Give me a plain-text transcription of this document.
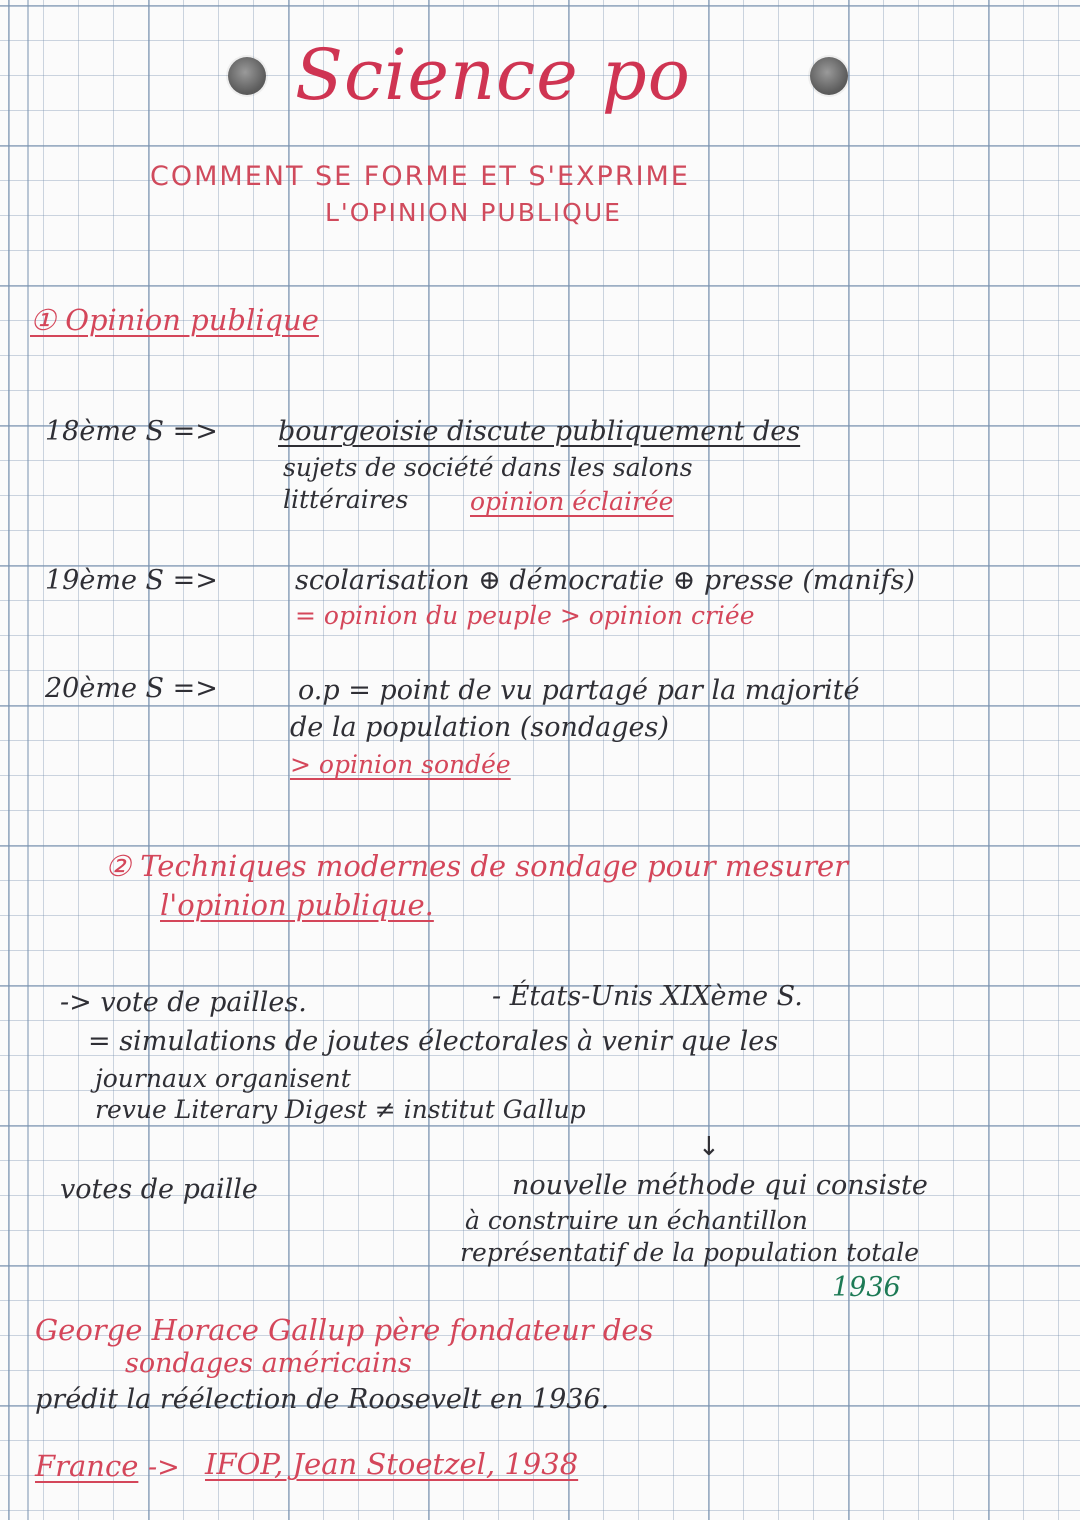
Science po
COMMENT SE FORME ET S'EXPRIME
L'OPINION PUBLIQUE
① Opinion publique
18ème S => bourgeoisie discute publiquement des
sujets de société dans les salons
littéraires opinion éclairée
19ème S =>	scolarisation ⊕ démocratie ⊕ presse (manifs)
= opinion du peuple > opinion criée
20ème S =>	o.p = point de vu partagé par la majorité
de la population (sondages)
> opinion sondée
② Techniques modernes de sondage pour mesurer
l'opinion publique.
-> vote de pailles.	- États-Unis XIXème S.
= simulations de joutes électorales à venir que les
journaux organisent
revue Literary Digest ≠ institut Gallup
votes de paille
↓
nouvelle méthode qui consiste
à construire un échantillon
représentatif de la population totale
1936
George Horace Gallup père fondateur des
sondages américains
prédit la réélection de Roosevelt en 1936.
France -> IFOP, Jean Stoetzel, 1938
